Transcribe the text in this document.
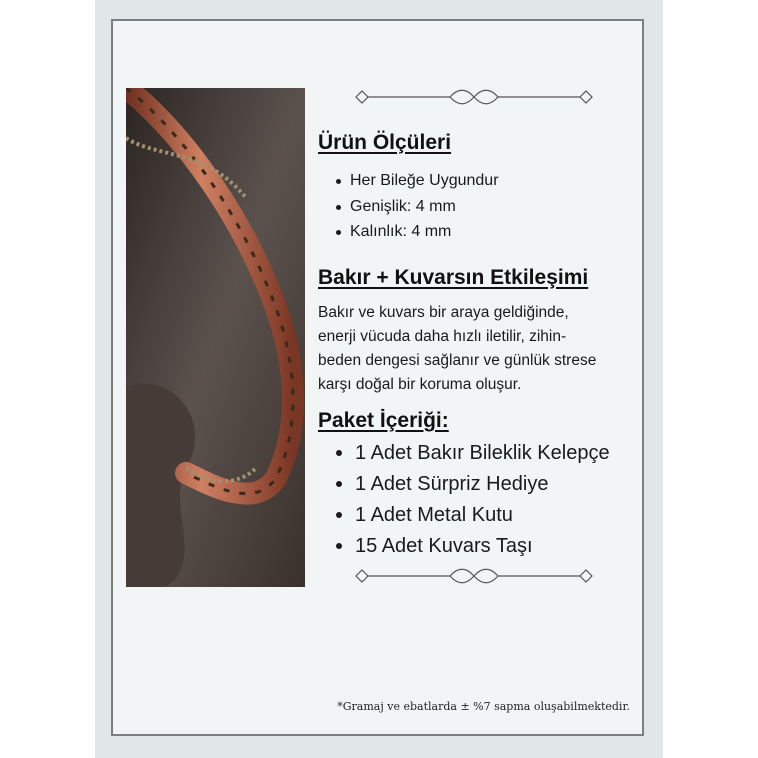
Ürün Ölçüleri
Her Bileğe Uygundur
Genişlik: 4 mm
Kalınlık: 4 mm
Bakır + Kuvarsın Etkileşimi

Bakır ve kuvars bir araya geldiğinde,
enerji vücuda daha hızlı iletilir, zihin-
beden dengesi sağlanır ve günlük strese
karşı doğal bir koruma oluşur.

Paket İçeriği:
1 Adet Bakır Bileklik Kelepçe
1 Adet Sürpriz Hediye
1 Adet Metal Kutu
15 Adet Kuvars Taşı
*Gramaj ve ebatlarda ± %7 sapma oluşabilmektedir.
